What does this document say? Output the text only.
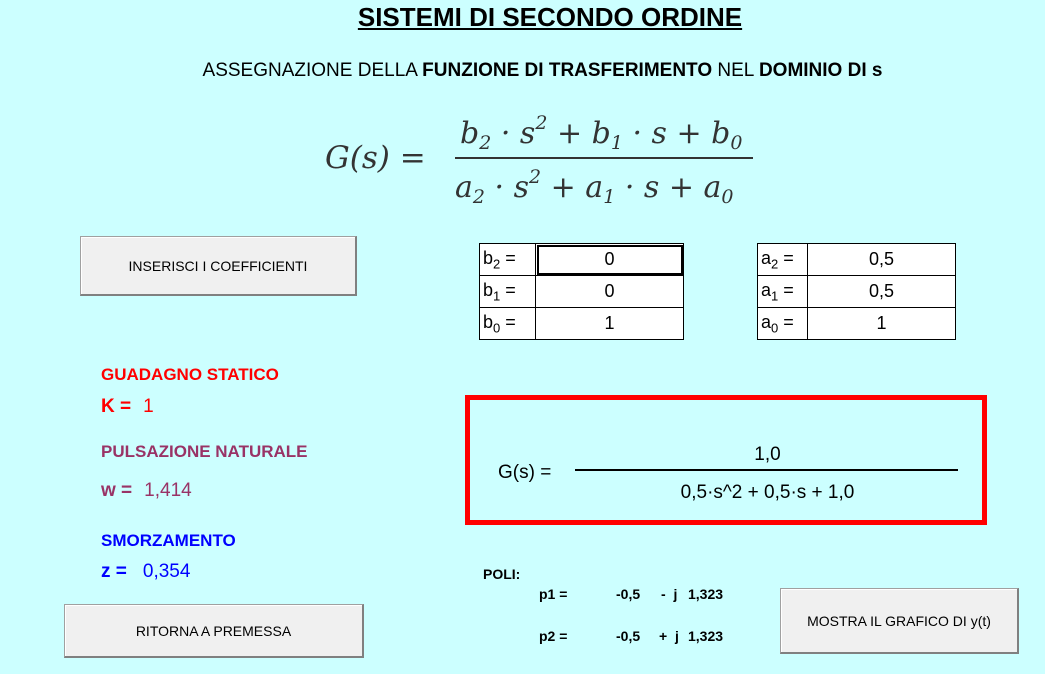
SISTEMI DI SECONDO ORDINE
ASSEGNAZIONE DELLA FUNZIONE DI TRASFERIMENTO NEL DOMINIO DI s
G(s) =
$b_2 \cdot s^2 + b_1 \cdot s + b_0$
$a_2 \cdot s^2 + a_1 \cdot s + a_0$
INSERISCI I COEFFICIENTI	$b_2$ =	0
$b_1$ =	0
$b_0$ =	1
$a_2$ =	0,5
$a_1$ =	0,5
$a_0$ =	1
GUADAGNO STATICO
K = 1
PULSAZIONE NATURALE
w = 1,414
SMORZAMENTO
z = 0,354
G(s) =
1,0
0,5·s^2 + 0,5·s + 1,0
POLI:
p1 =	-0,5 -  j 1,323
p2 =	-0,5 +  j 1,323
RITORNA A PREMESSA
MOSTRA IL GRAFICO DI y(t)
